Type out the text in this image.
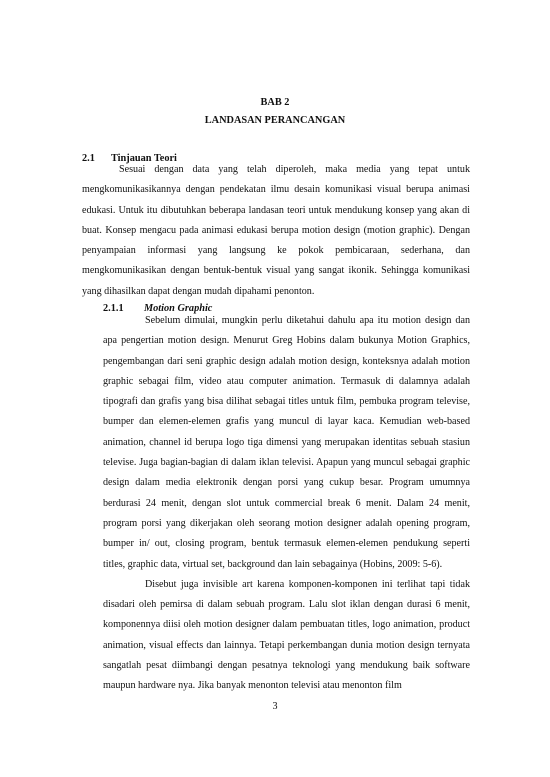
BAB 2
LANDASAN PERANCANGAN
2.1 Tinjauan Teori

Sesuai dengan data yang telah diperoleh, maka media yang tepat untuk mengkomunikasikannya dengan pendekatan ilmu desain komunikasi visual berupa animasi edukasi. Untuk itu dibutuhkan beberapa landasan teori untuk mendukung konsep yang akan di buat. Konsep mengacu pada animasi edukasi berupa motion design (motion graphic). Dengan penyampaian informasi yang langsung ke pokok pembicaraan, sederhana, dan mengkomunikasikan dengan bentuk-bentuk visual yang sangat ikonik. Sehingga komunikasi yang dihasilkan dapat dengan mudah dipahami penonton.

2.1.1 Motion Graphic

Sebelum dimulai, mungkin perlu diketahui dahulu apa itu motion design dan apa pengertian motion design. Menurut Greg Hobins dalam bukunya Motion Graphics, pengembangan dari seni graphic design adalah motion design, konteksnya adalah motion graphic sebagai film, video atau computer animation. Termasuk di dalamnya adalah tipografi dan grafis yang bisa dilihat sebagai titles untuk film, pembuka program televise, bumper dan elemen-elemen grafis yang muncul di layar kaca. Kemudian web-based animation, channel id berupa logo tiga dimensi yang merupakan identitas sebuah stasiun televise. Juga bagian-bagian di dalam iklan televisi. Apapun yang muncul sebagai graphic design dalam media elektronik dengan porsi yang cukup besar. Program umumnya berdurasi 24 menit, dengan slot untuk commercial break 6 menit. Dalam 24 menit, program porsi yang dikerjakan oleh seorang motion designer adalah opening program, bumper in/ out, closing program, bentuk termasuk elemen-elemen pendukung seperti titles, graphic data, virtual set, background dan lain sebagainya (Hobins, 2009: 5-6).

Disebut juga invisible art karena komponen-komponen ini terlihat tapi tidak disadari oleh pemirsa di dalam sebuah program. Lalu slot iklan dengan durasi 6 menit, komponennya diisi oleh motion designer dalam pembuatan titles, logo animation, product animation, visual effects dan lainnya. Tetapi perkembangan dunia motion design ternyata sangatlah pesat diimbangi dengan pesatnya teknologi yang mendukung baik software maupun hardware nya. Jika banyak menonton televisi atau menonton film

3
